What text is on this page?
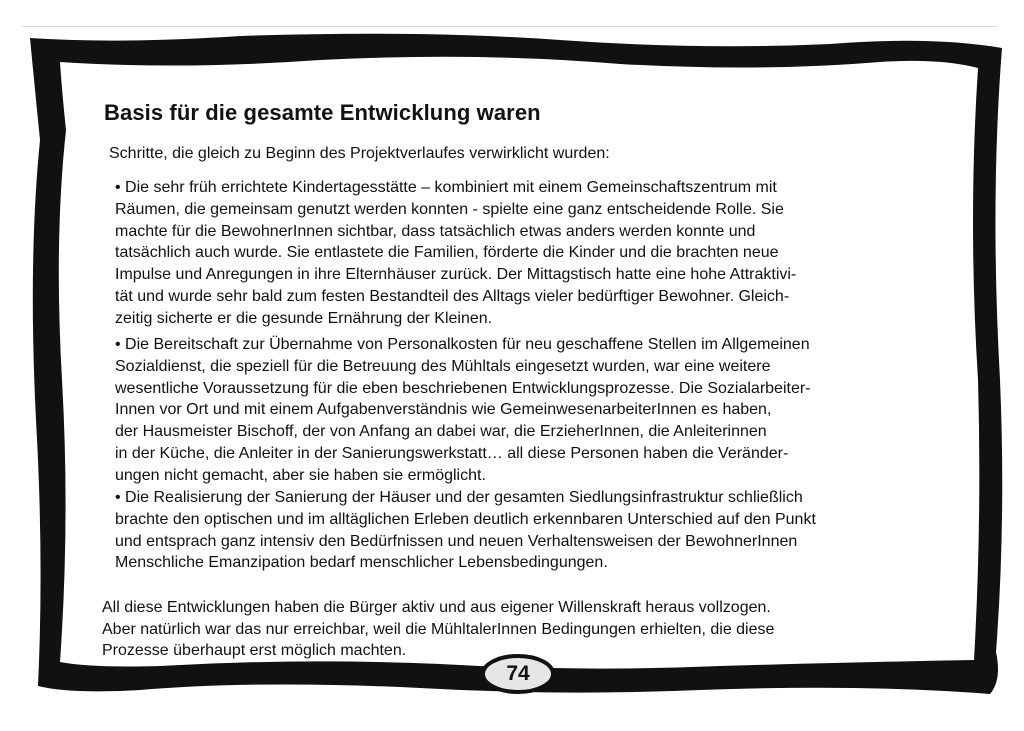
Basis für die gesamte Entwicklung waren
Schritte, die gleich zu Beginn des Projektverlaufes verwirklicht wurden:
• Die sehr früh errichtete Kindertagesstätte – kombiniert mit einem Gemeinschaftszentrum mit
Räumen, die gemeinsam genutzt werden konnten - spielte eine ganz entscheidende Rolle. Sie
machte für die BewohnerInnen sichtbar, dass tatsächlich etwas anders werden konnte und
tatsächlich auch wurde. Sie entlastete die Familien, förderte die Kinder und die brachten neue
Impulse und Anregungen in ihre Elternhäuser zurück. Der Mittagstisch hatte eine hohe Attraktivi-
tät und wurde sehr bald zum festen Bestandteil des Alltags vieler bedürftiger Bewohner. Gleich-
zeitig sicherte er die gesunde Ernährung der Kleinen.
• Die Bereitschaft zur Übernahme von Personalkosten für neu geschaffene Stellen im Allgemeinen
Sozialdienst, die speziell für die Betreuung des Mühltals eingesetzt wurden, war eine weitere
wesentliche Voraussetzung für die eben beschriebenen Entwicklungsprozesse. Die Sozialarbeiter-
Innen vor Ort und mit einem Aufgabenverständnis wie GemeinwesenarbeiterInnen es haben,
der Hausmeister Bischoff, der von Anfang an dabei war, die ErzieherInnen, die Anleiterinnen
in der Küche, die Anleiter in der Sanierungswerkstatt… all diese Personen haben die Veränder-
ungen nicht gemacht, aber sie haben sie ermöglicht.
• Die Realisierung der Sanierung der Häuser und der gesamten Siedlungsinfrastruktur schließlich
brachte den optischen und im alltäglichen Erleben deutlich erkennbaren Unterschied auf den Punkt
und entsprach ganz intensiv den Bedürfnissen und neuen Verhaltensweisen der BewohnerInnen
Menschliche Emanzipation bedarf menschlicher Lebensbedingungen.
All diese Entwicklungen haben die Bürger aktiv und aus eigener Willenskraft heraus vollzogen.
Aber natürlich war das nur erreichbar, weil die MühltalerInnen Bedingungen erhielten, die diese
Prozesse überhaupt erst möglich machten.
74
